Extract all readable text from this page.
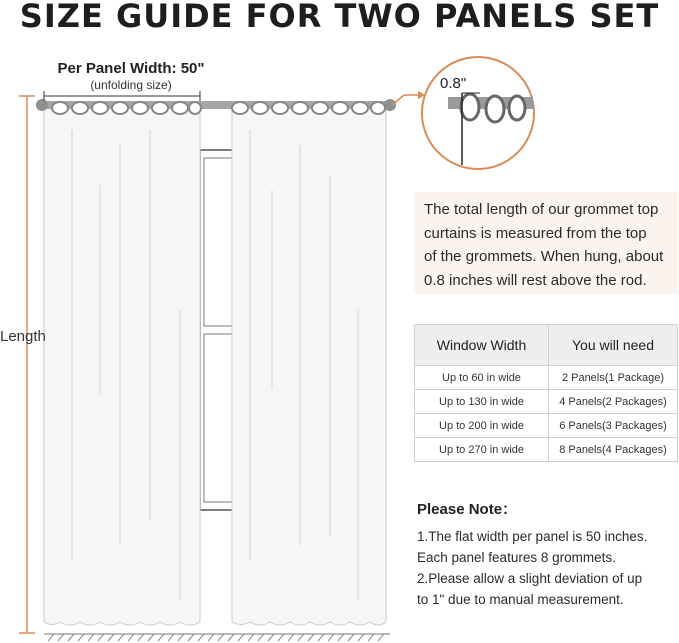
SIZE GUIDE FOR TWO PANELS SET
Per Panel Width: 50"
(unfolding size)
Length
0.8"
The total length of our grommet top
curtains is measured from the top
of the grommets. When hung, about
0.8 inches will rest above the rod.
Window Width	You will need
Up to 60 in wide	2 Panels(1 Package)
Up to 130 in wide	4 Panels(2 Packages)
Up to 200 in wide	6 Panels(3 Packages)
Up to 270 in wide	8 Panels(4 Packages)
Please Note：
1.The flat width per panel is 50 inches.
Each panel features 8 grommets.
2.Please allow a slight deviation of up
to 1" due to manual measurement.
